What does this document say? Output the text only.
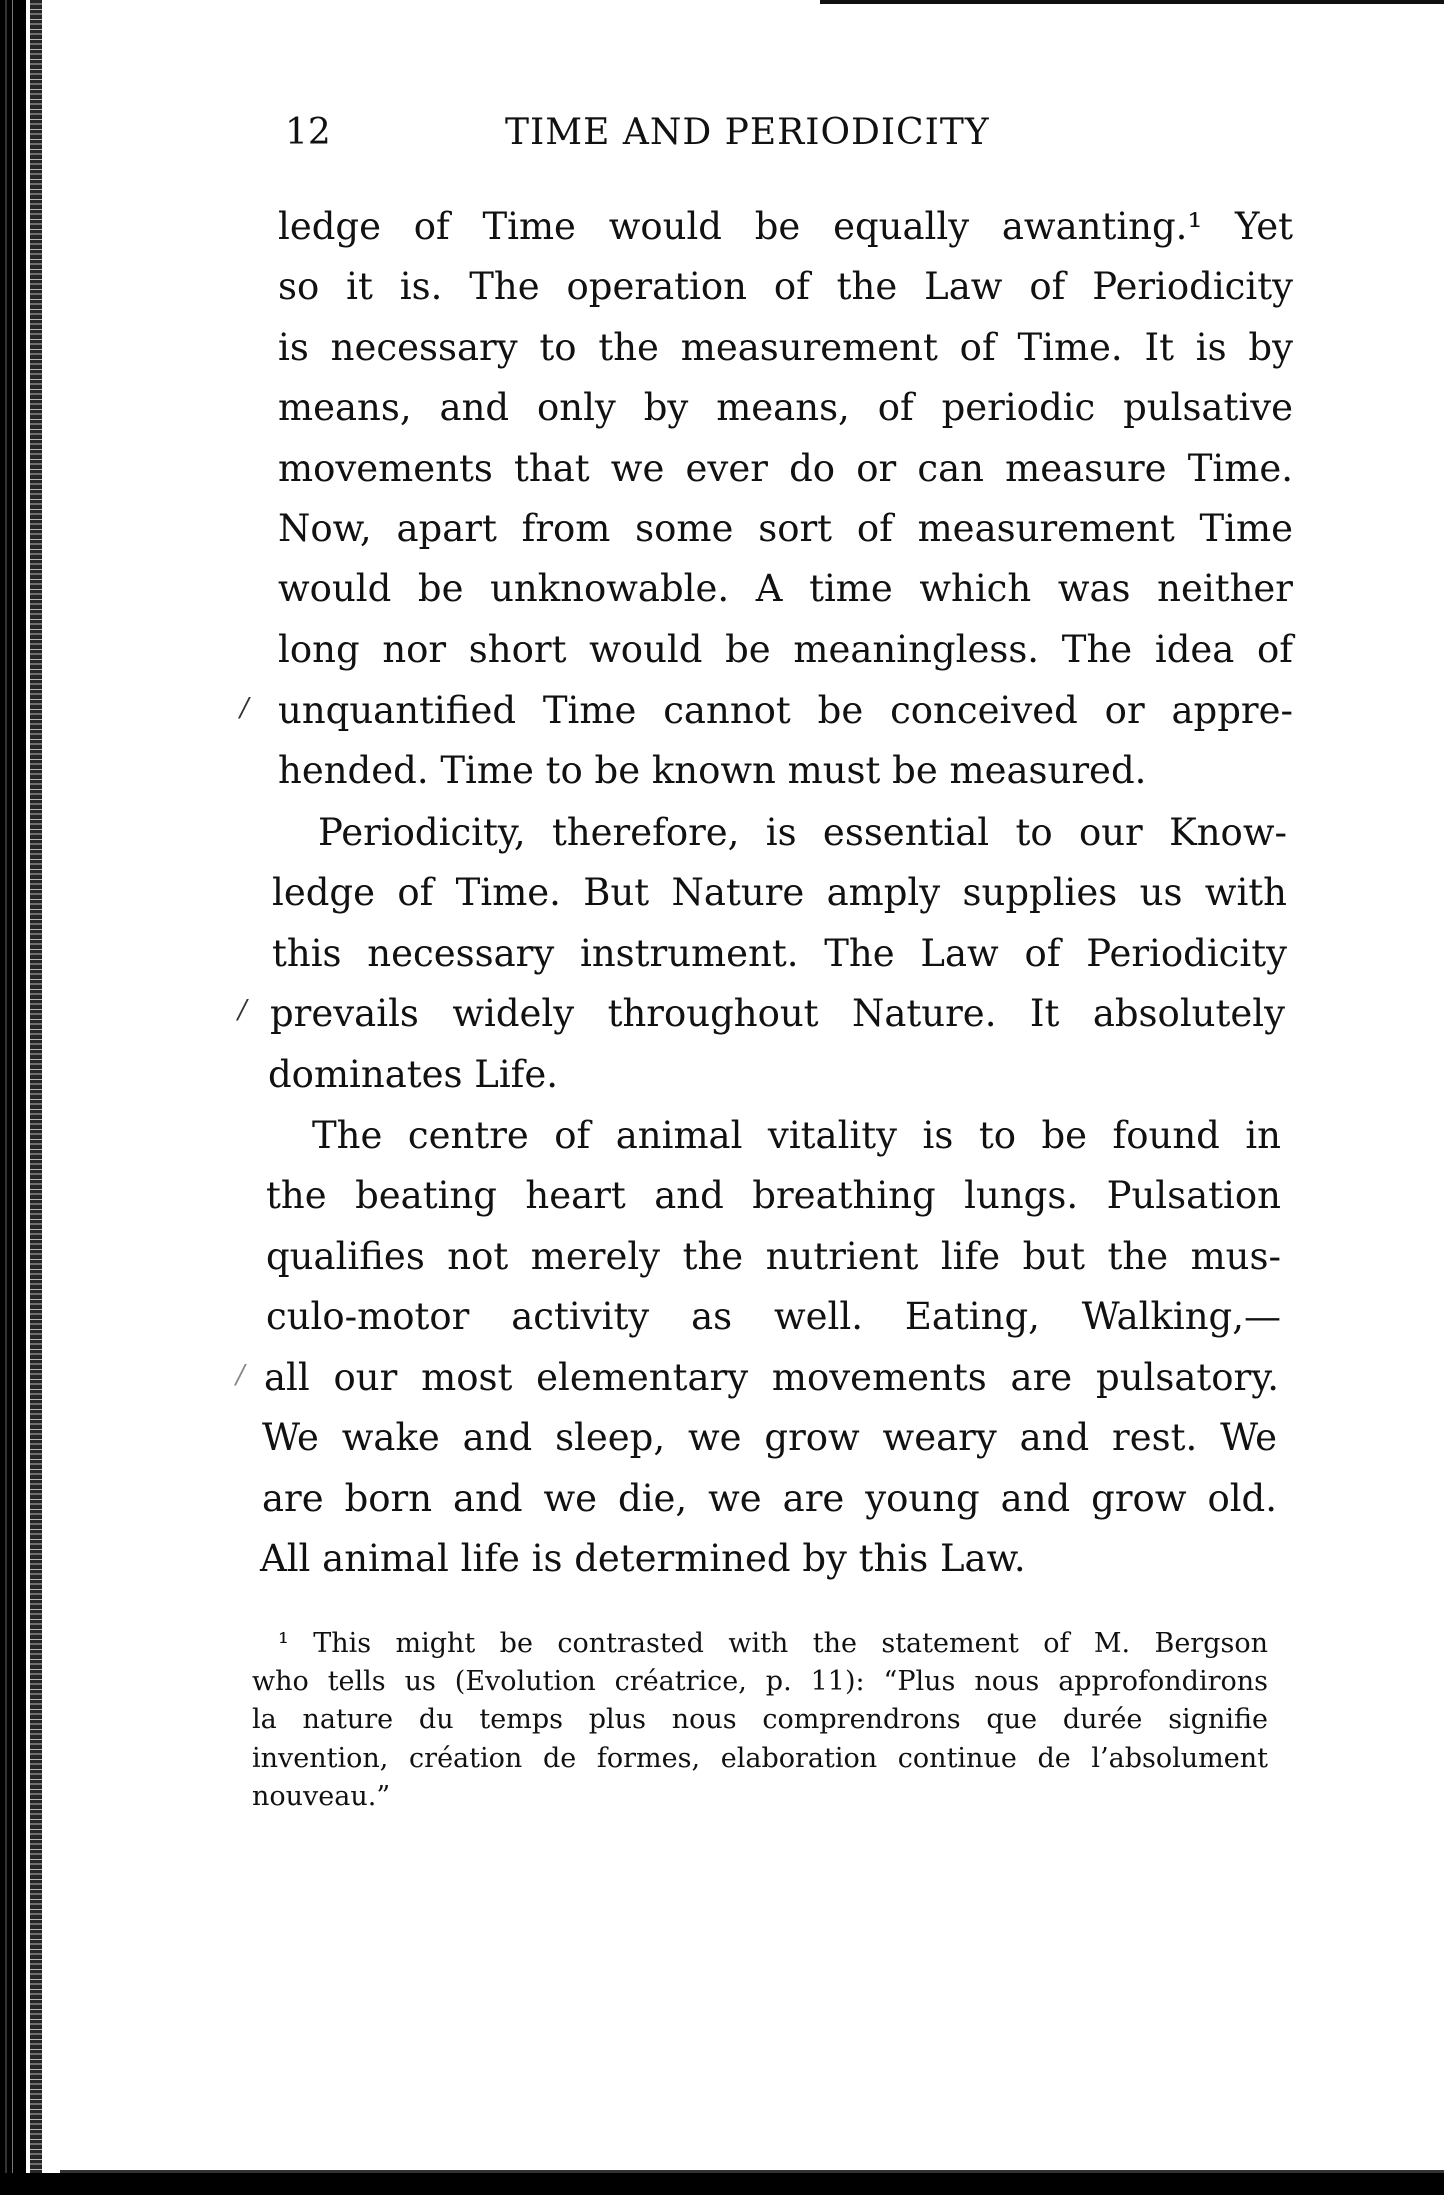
12	TIME AND PERIODICITY
ledge of Time would be equally awanting.¹ Yet
so it is. The operation of the Law of Periodicity
is necessary to the measurement of Time. It is by
means, and only by means, of periodic pulsative
movements that we ever do or can measure Time.
Now, apart from some sort of measurement Time
would be unknowable. A time which was neither
long nor short would be meaningless. The idea of
unquantified Time cannot be conceived or appre-
hended. Time to be known must be measured.
Periodicity, therefore, is essential to our Know-
ledge of Time. But Nature amply supplies us with
this necessary instrument. The Law of Periodicity
prevails widely throughout Nature. It absolutely
dominates Life.
The centre of animal vitality is to be found in
the beating heart and breathing lungs. Pulsation
qualifies not merely the nutrient life but the mus-
culo-motor activity as well. Eating, Walking,—
all our most elementary movements are pulsatory.
We wake and sleep, we grow weary and rest. We
are born and we die, we are young and grow old.
All animal life is determined by this Law.
¹ This might be contrasted with the statement of M. Bergson
who tells us (Evolution créatrice, p. 11): “Plus nous approfondirons
la nature du temps plus nous comprendrons que durée signifie
invention, création de formes, elaboration continue de l’absolument
nouveau.”
/
/
/
